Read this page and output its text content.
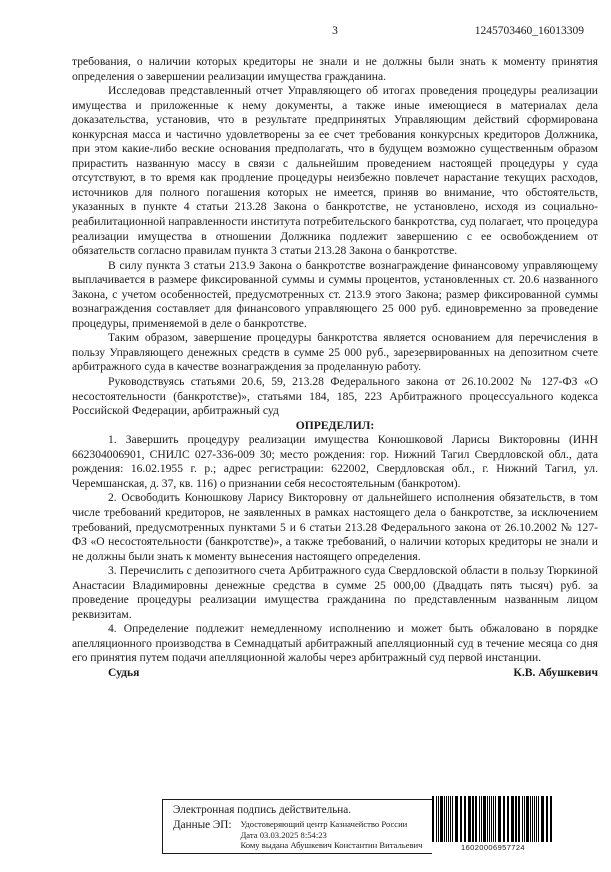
3	1245703460_16013309

требования, о наличии которых кредиторы не знали и не должны были знать к моменту принятия определения о завершении реализации имущества гражданина.

Исследовав представленный отчет Управляющего об итогах проведения процедуры реализации имущества и приложенные к нему документы, а также иные имеющиеся в материалах дела доказательства, установив, что в результате предпринятых Управляющим действий сформирована конкурсная масса и частично удовлетворены за ее счет требования конкурсных кредиторов Должника, при этом какие-либо веские основания предполагать, что в будущем возможно существенным образом прирастить названную массу в связи с дальнейшим проведением настоящей процедуры у суда отсутствуют, в то время как продление процедуры неизбежно повлечет нарастание текущих расходов, источников для полного погашения которых не имеется, приняв во внимание, что обстоятельств, указанных в пункте 4 статьи 213.28 Закона о банкротстве, не установлено, исходя из социально-реабилитационной направленности института потребительского банкротства, суд полагает, что процедура реализации имущества в отношении Должника подлежит завершению с ее освобождением от обязательств согласно правилам пункта 3 статьи 213.28 Закона о банкротстве.

В силу пункта 3 статьи 213.9 Закона о банкротстве вознаграждение финансовому управляющему выплачивается в размере фиксированной суммы и суммы процентов, установленных ст. 20.6 названного Закона, с учетом особенностей, предусмотренных ст. 213.9 этого Закона; размер фиксированной суммы вознаграждения составляет для финансового управляющего 25 000 руб. единовременно за проведение процедуры, применяемой в деле о банкротстве.

Таким образом, завершение процедуры банкротства является основанием для перечисления в пользу Управляющего денежных средств в сумме 25 000 руб., зарезервированных на депозитном счете арбитражного суда в качестве вознаграждения за проделанную работу.

Руководствуясь статьями 20.6, 59, 213.28 Федерального закона от 26.10.2002 № 127-ФЗ «О несостоятельности (банкротстве)», статьями 184, 185, 223 Арбитражного процессуального кодекса Российской Федерации, арбитражный суд

ОПРЕДЕЛИЛ:

1. Завершить процедуру реализации имущества Конюшковой Ларисы Викторовны (ИНН 662304006901, СНИЛС 027-336-009 30; место рождения: гор. Нижний Тагил Свердловской обл., дата рождения: 16.02.1955 г. р.; адрес регистрации: 622002, Свердловская обл., г. Нижний Тагил, ул. Черемшанская, д. 37, кв. 116) о признании себя несостоятельным (банкротом).

2. Освободить Конюшкову Ларису Викторовну от дальнейшего исполнения обязательств, в том числе требований кредиторов, не заявленных в рамках настоящего дела о банкротстве, за исключением требований, предусмотренных пунктами 5 и 6 статьи 213.28 Федерального закона от 26.10.2002 № 127-ФЗ «О несостоятельности (банкротстве)», а также требований, о наличии которых кредиторы не знали и не должны были знать к моменту вынесения настоящего определения.

3. Перечислить с депозитного счета Арбитражного суда Свердловской области в пользу Тюркиной Анастасии Владимировны денежные средства в сумме 25 000,00 (Двадцать пять тысяч) руб. за проведение процедуры реализации имущества гражданина по представленным названным лицом реквизитам.

4. Определение подлежит немедленному исполнению и может быть обжаловано в порядке апелляционного производства в Семнадцатый арбитражный апелляционный суд в течение месяца со дня его принятия путем подачи апелляционной жалобы через арбитражный суд первой инстанции.

Судья	К.В. Абушкевич
Электронная подпись действительна.
Данные ЭП: Удостоверяющий центр Казначейство России
Дата 03.03.2025 8:54:23
Кому выдана Абушкевич Константин Витальевич	16020006957724
